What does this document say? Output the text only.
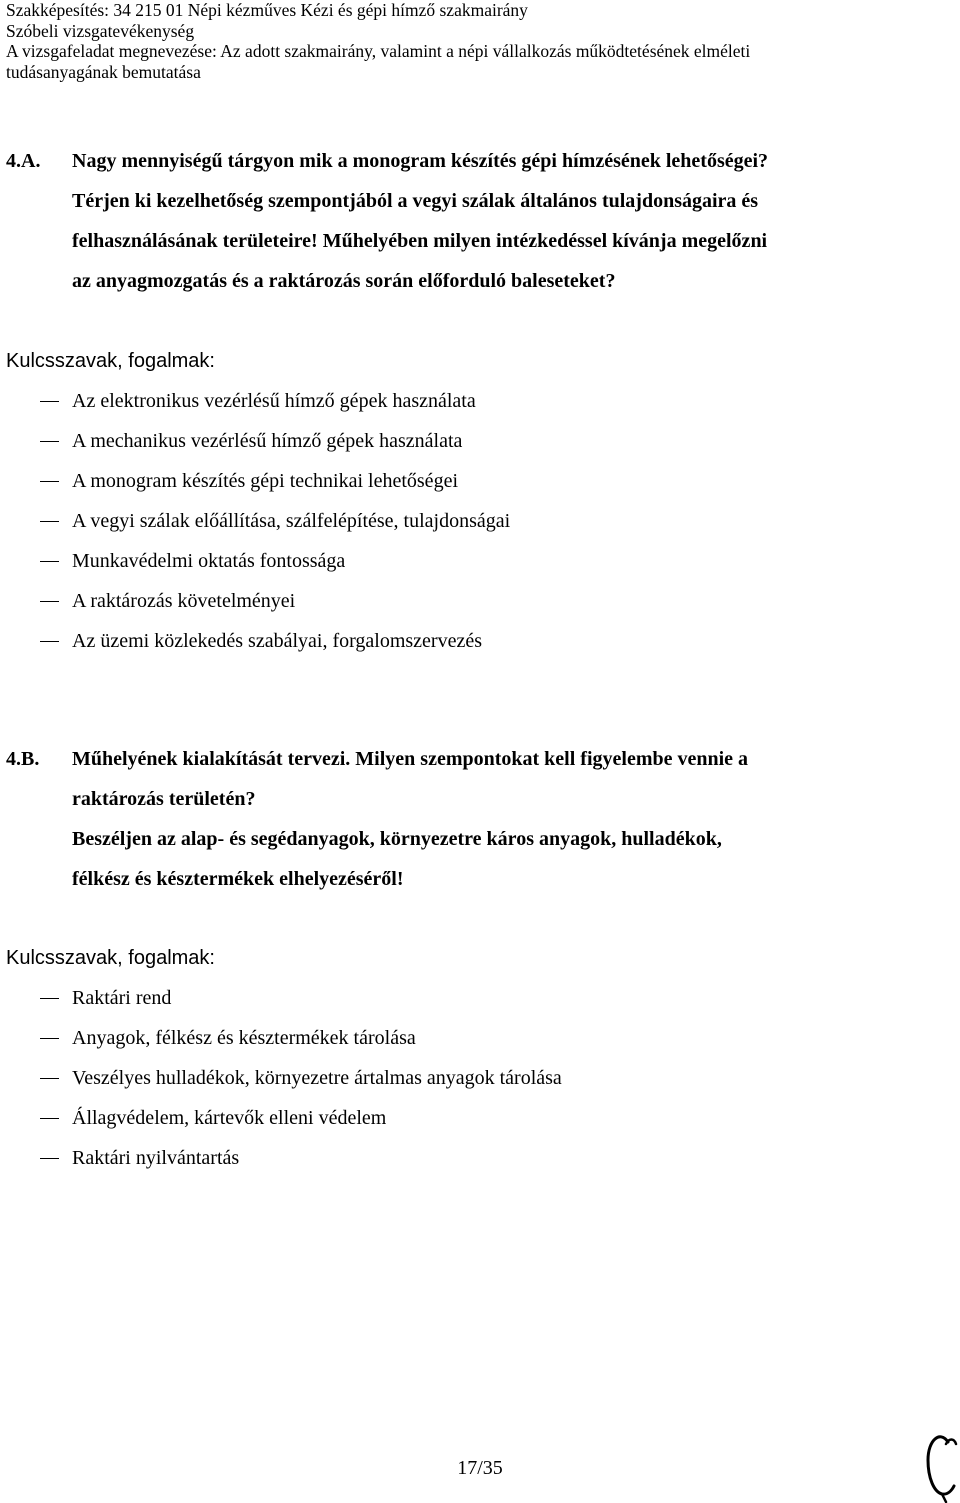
Szakképesítés: 34 215 01 Népi kézműves Kézi és gépi hímző szakmairány
Szóbeli vizsgatevékenység
A vizsgafeladat megnevezése: Az adott szakmairány, valamint a népi vállalkozás működtetésének elméleti
tudásanyagának bemutatása
4.A. Nagy mennyiségű tárgyon mik a monogram készítés gépi hímzésének lehetőségei?
Térjen ki kezelhetőség szempontjából a vegyi szálak általános tulajdonságaira és
felhasználásának területeire! Műhelyében milyen intézkedéssel kívánja megelőzni
az anyagmozgatás és a raktározás során előforduló baleseteket?
Kulcsszavak, fogalmak:
Az elektronikus vezérlésű hímző gépek használata
A mechanikus vezérlésű hímző gépek használata
A monogram készítés gépi technikai lehetőségei
A vegyi szálak előállítása, szálfelépítése, tulajdonságai
Munkavédelmi oktatás fontossága
A raktározás követelményei
Az üzemi közlekedés szabályai, forgalomszervezés
4.B. Műhelyének kialakítását tervezi. Milyen szempontokat kell figyelembe vennie a
raktározás területén?
Beszéljen az alap- és segédanyagok, környezetre káros anyagok, hulladékok,
félkész és késztermékek elhelyezéséről!
Kulcsszavak, fogalmak:
Raktári rend
Anyagok, félkész és késztermékek tárolása
Veszélyes hulladékok, környezetre ártalmas anyagok tárolása
Állagvédelem, kártevők elleni védelem
Raktári nyilvántartás
17/35
